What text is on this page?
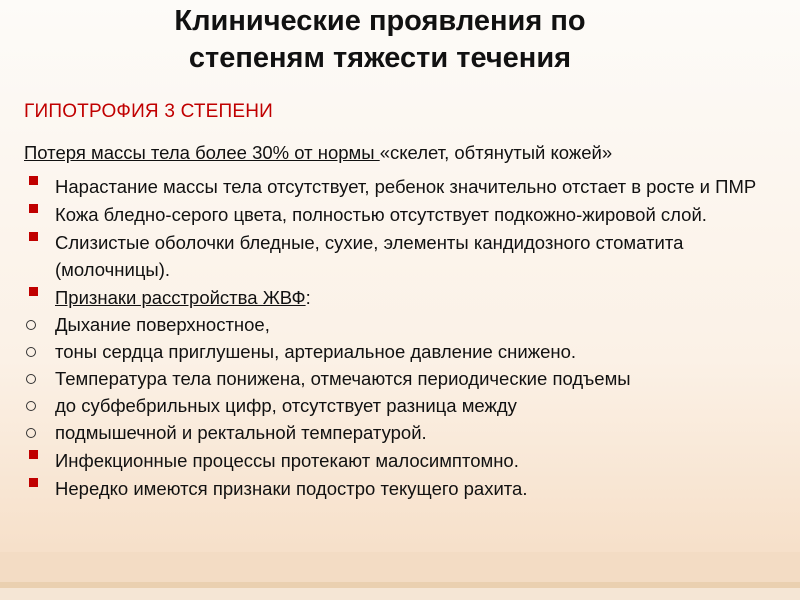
Клинические проявления по
степеням тяжести течения
ГИПОТРОФИЯ 3 СТЕПЕНИ
Потеря массы тела более 30% от нормы «скелет, обтянутый кожей»
Нарастание массы тела отсутствует, ребенок значительно отстает в росте и ПМР
Кожа бледно-серого цвета, полностью отсутствует подкожно-жировой слой.
Слизистые оболочки бледные, сухие, элементы кандидозного стоматита (молочницы).
Признаки расстройства ЖВФ:
Дыхание поверхностное,
тоны сердца приглушены, артериальное давление снижено.
Температура тела понижена, отмечаются периодические подъемы
до субфебрильных цифр, отсутствует разница между
подмышечной и ректальной температурой.
Инфекционные процессы протекают малосимптомно.
Нередко имеются признаки подостро текущего рахита.
